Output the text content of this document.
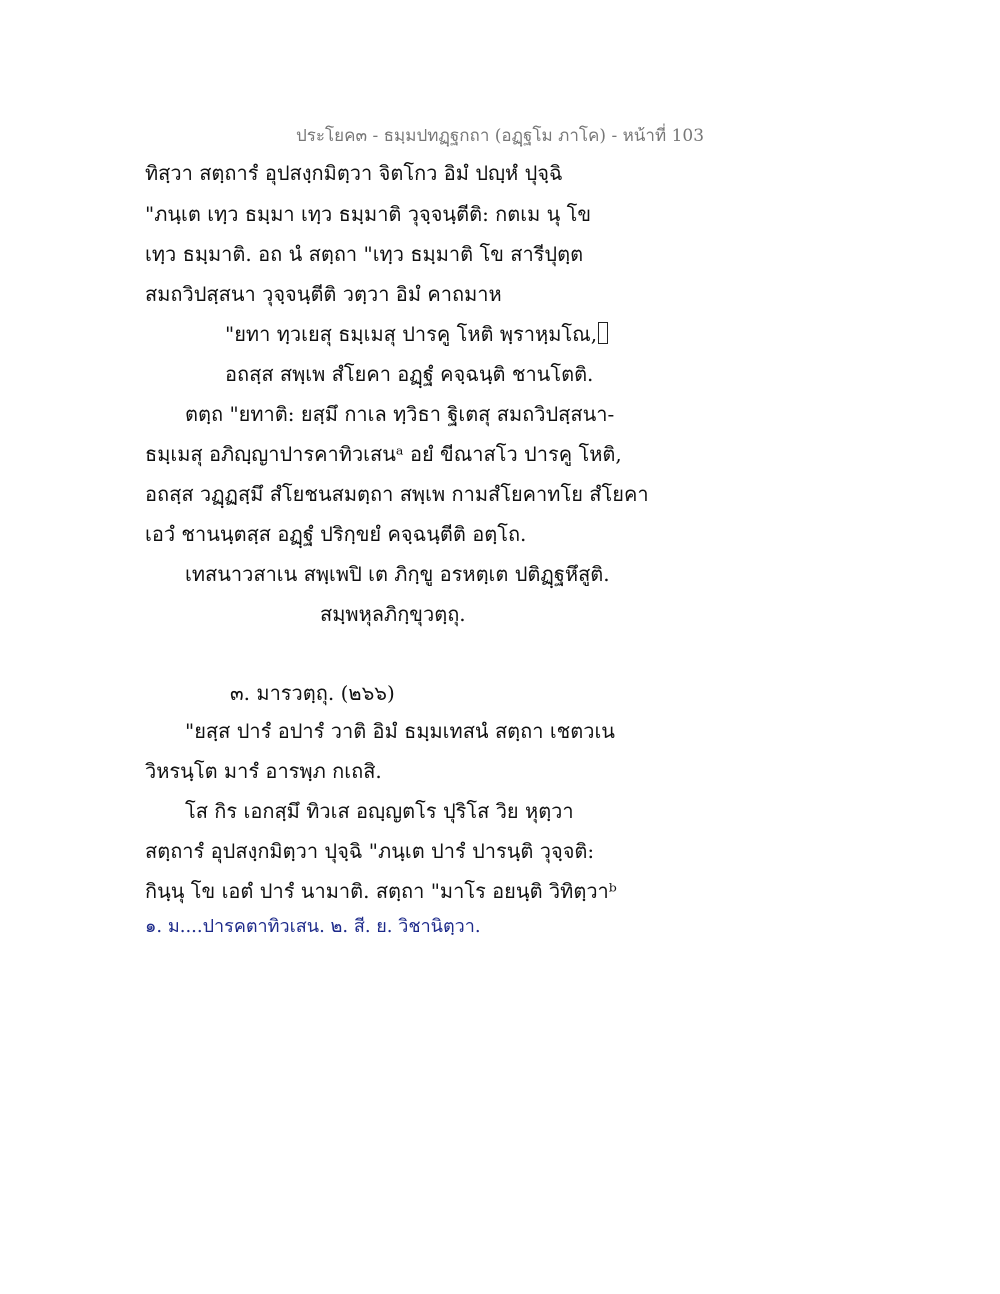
ประโยค๓ - ธมฺมปทฏฺฐกถา (อฏฺฐโม ภาโค) - หน้าที่ 103
ทิสฺวา สตฺถารํ อุปสงฺกมิตฺวา จิตโกว อิมํ ปญฺหํ ปุจฺฉิ
"ภนฺเต เทฺว ธมฺมา เทฺว ธมฺมาติ วุจฺจนฺตีติ: กตเม นุ โข
เทฺว ธมฺมาติ. อถ นํ สตฺถา "เทฺว ธมฺมาติ โข สารีปุตฺต
สมถวิปสฺสนา วุจฺจนฺตีติ วตฺวา อิมํ คาถมาห
"ยทา ทฺวเยสุ ธมฺเมสุ ปารคู โหติ พฺราหฺมโณ,
อถสฺส สพฺเพ สํโยคา อฏฺฐํ คจฺฉนฺติ ชานโตติ.
ตตฺถ "ยทาติ: ยสฺมึ กาเล ทฺวิธา ฐิเตสุ สมถวิปสฺสนา-
ธมฺเมสุ อภิญฺญาปารคาทิวเสนᵃ อยํ ขีณาสโว ปารคู โหติ,
อถสฺส วฏฺฏสฺมึ สํโยชนสมตฺถา สพฺเพ กามสํโยคาทโย สํโยคา
เอวํ ชานนฺตสฺส อฏฺฐํ ปริกฺขยํ คจฺฉนฺตีติ อตฺโถ.
เทสนาวสาเน สพฺเพปิ เต ภิกฺขู อรหตฺเต ปติฏฺฐหึสูติ.
สมฺพหุลภิกฺขุวตฺถุ.
๓. มารวตฺถุ. (๒๖๖)
"ยสฺส ปารํ อปารํ วาติ อิมํ ธมฺมเทสนํ สตฺถา เชตวเน
วิหรนฺโต มารํ อารพฺภ กเถสิ.
โส กิร เอกสฺมึ ทิวเส อญฺญตโร ปุริโส วิย หุตฺวา
สตฺถารํ อุปสงฺกมิตฺวา ปุจฺฉิ "ภนฺเต ปารํ ปารนฺติ วุจฺจติ:
กินฺนุ โข เอตํ ปารํ นามาติ. สตฺถา "มาโร อยนฺติ วิทิตฺวาᵇ
๑. ม....ปารคตาทิวเสน. ๒. สี. ย. วิชานิตฺวา.
